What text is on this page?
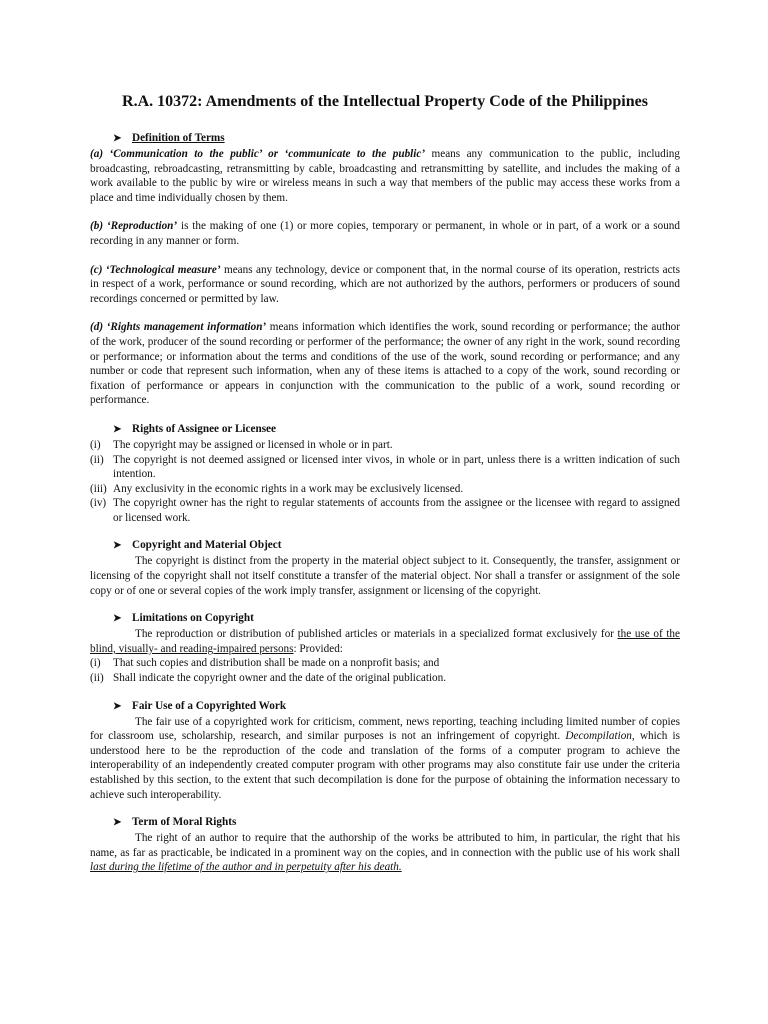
R.A. 10372: Amendments of the Intellectual Property Code of the Philippines
➤ Definition of Terms

(a) ‘Communication to the public’ or ‘communicate to the public’ means any communication to the public, including broadcasting, rebroadcasting, retransmitting by cable, broadcasting and retransmitting by satellite, and includes the making of a work available to the public by wire or wireless means in such a way that members of the public may access these works from a place and time individually chosen by them.

(b) ‘Reproduction’ is the making of one (1) or more copies, temporary or permanent, in whole or in part, of a work or a sound recording in any manner or form.

(c) ‘Technological measure’ means any technology, device or component that, in the normal course of its operation, restricts acts in respect of a work, performance or sound recording, which are not authorized by the authors, performers or producers of sound recordings concerned or permitted by law.

(d) ‘Rights management information’ means information which identifies the work, sound recording or performance; the author of the work, producer of the sound recording or performer of the performance; the owner of any right in the work, sound recording or performance; or information about the terms and conditions of the use of the work, sound recording or performance; and any number or code that represent such information, when any of these items is attached to a copy of the work, sound recording or fixation of performance or appears in conjunction with the communication to the public of a work, sound recording or performance.

➤ Rights of Assignee or Licensee
(i)	The copyright may be assigned or licensed in whole or in part.
(ii) The copyright is not deemed assigned or licensed inter vivos, in whole or in part, unless there is a written indication of such intention.
(iii) Any exclusivity in the economic rights in a work may be exclusively licensed.
(iv) The copyright owner has the right to regular statements of accounts from the assignee or the licensee with regard to assigned or licensed work.
➤ Copyright and Material Object

The copyright is distinct from the property in the material object subject to it. Consequently, the transfer, assignment or licensing of the copyright shall not itself constitute a transfer of the material object. Nor shall a transfer or assignment of the sole copy or of one or several copies of the work imply transfer, assignment or licensing of the copyright.

➤ Limitations on Copyright

The reproduction or distribution of published articles or materials in a specialized format exclusively for the use of the blind, visually- and reading-impaired persons: Provided:

(i)	That such copies and distribution shall be made on a nonprofit basis; and
(ii) Shall indicate the copyright owner and the date of the original publication.
➤ Fair Use of a Copyrighted Work

The fair use of a copyrighted work for criticism, comment, news reporting, teaching including limited number of copies for classroom use, scholarship, research, and similar purposes is not an infringement of copyright. Decompilation, which is understood here to be the reproduction of the code and translation of the forms of a computer program to achieve the interoperability of an independently created computer program with other programs may also constitute fair use under the criteria established by this section, to the extent that such decompilation is done for the purpose of obtaining the information necessary to achieve such interoperability.

➤ Term of Moral Rights

The right of an author to require that the authorship of the works be attributed to him, in particular, the right that his name, as far as practicable, be indicated in a prominent way on the copies, and in connection with the public use of his work shall last during the lifetime of the author and in perpetuity after his death.
